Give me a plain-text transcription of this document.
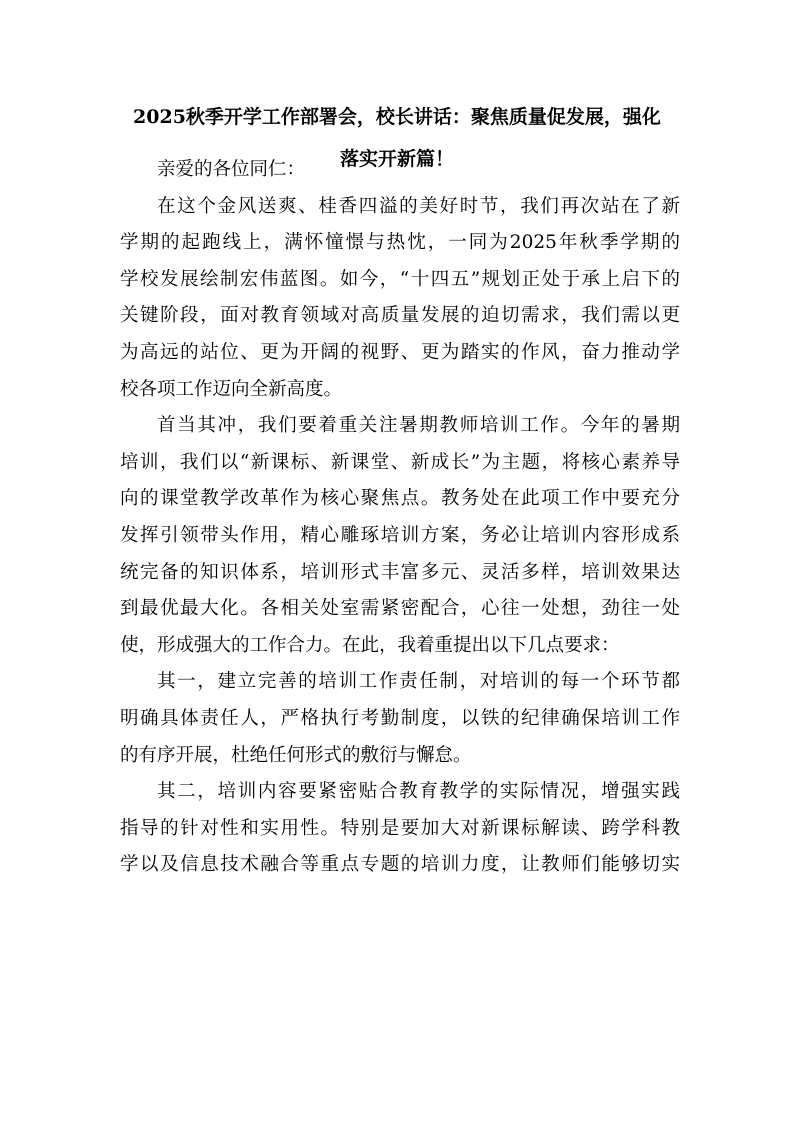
2025秋季开学工作部署会，校长讲话：聚焦质量促发展，强化
落实开新篇！
亲爱的各位同仁：
在这个金风送爽、桂香四溢的美好时节，我们再次站在了新
学期的起跑线上，满怀憧憬与热忱，一同为2025年秋季学期的
学校发展绘制宏伟蓝图。如今，“十四五”规划正处于承上启下的
关键阶段，面对教育领域对高质量发展的迫切需求，我们需以更
为高远的站位、更为开阔的视野、更为踏实的作风，奋力推动学
校各项工作迈向全新高度。
首当其冲，我们要着重关注暑期教师培训工作。今年的暑期
培训，我们以“新课标、新课堂、新成长”为主题，将核心素养导
向的课堂教学改革作为核心聚焦点。教务处在此项工作中要充分
发挥引领带头作用，精心雕琢培训方案，务必让培训内容形成系
统完备的知识体系，培训形式丰富多元、灵活多样，培训效果达
到最优最大化。各相关处室需紧密配合，心往一处想，劲往一处
使，形成强大的工作合力。在此，我着重提出以下几点要求：
其一，建立完善的培训工作责任制，对培训的每一个环节都
明确具体责任人，严格执行考勤制度，以铁的纪律确保培训工作
的有序开展，杜绝任何形式的敷衍与懈怠。
其二，培训内容要紧密贴合教育教学的实际情况，增强实践
指导的针对性和实用性。特别是要加大对新课标解读、跨学科教
学以及信息技术融合等重点专题的培训力度，让教师们能够切实
